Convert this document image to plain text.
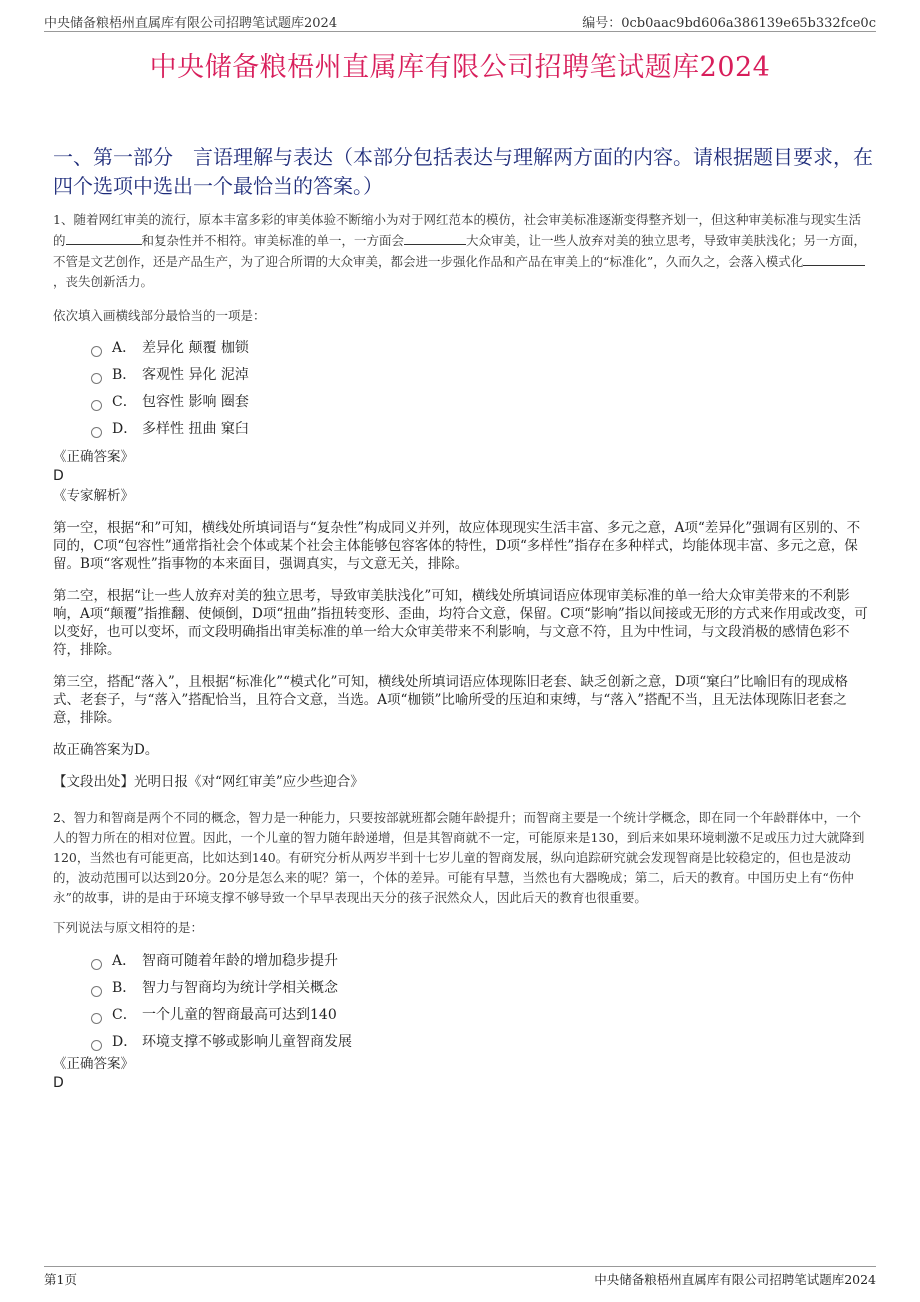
中央储备粮梧州直属库有限公司招聘笔试题库2024	编号：0cb0aac9bd606a386139e65b332fce0c
中央储备粮梧州直属库有限公司招聘笔试题库2024
一、第一部分　言语理解与表达（本部分包括表达与理解两方面的内容。请根据题目要求，在四个选项中选出一个最恰当的答案。）

1、随着网红审美的流行，原本丰富多彩的审美体验不断缩小为对于网红范本的模仿，社会审美标准逐渐变得整齐划一，但这种审美标准与现实生活的	和复杂性并不相符。审美标准的单一，一方面会	大众审美，让一些人放弃对美的独立思考，导致审美肤浅化；另一方面，不管是文艺创作，还是产品生产，为了迎合所谓的大众审美，都会进一步强化作品和产品在审美上的“标准化”，久而久之，会落入模式化，丧失创新活力。

依次填入画横线部分最恰当的一项是：

A． 差异化 颠覆 枷锁
B． 客观性 异化 泥淖
C． 包容性 影响 圈套
D． 多样性 扭曲 窠臼

《正确答案》

D

《专家解析》

第一空，根据“和”可知，横线处所填词语与“复杂性”构成同义并列，故应体现现实生活丰富、多元之意，A项“差异化”强调有区别的、不同的，C项“包容性”通常指社会个体或某个社会主体能够包容客体的特性，D项“多样性”指存在多种样式，均能体现丰富、多元之意，保留。B项“客观性”指事物的本来面目，强调真实，与文意无关，排除。

第二空，根据“让一些人放弃对美的独立思考，导致审美肤浅化”可知，横线处所填词语应体现审美标准的单一给大众审美带来的不利影响，A项“颠覆”指推翻、使倾倒，D项“扭曲”指扭转变形、歪曲，均符合文意，保留。C项“影响”指以间接或无形的方式来作用或改变，可以变好，也可以变坏，而文段明确指出审美标准的单一给大众审美带来不利影响，与文意不符，且为中性词，与文段消极的感情色彩不符，排除。

第三空，搭配“落入”，且根据“标准化”“模式化”可知，横线处所填词语应体现陈旧老套、缺乏创新之意，D项“窠臼”比喻旧有的现成格式、老套子，与“落入”搭配恰当，且符合文意，当选。A项“枷锁”比喻所受的压迫和束缚，与“落入”搭配不当，且无法体现陈旧老套之意，排除。

故正确答案为D。

【文段出处】光明日报《对“网红审美”应少些迎合》

2、智力和智商是两个不同的概念，智力是一种能力，只要按部就班都会随年龄提升；而智商主要是一个统计学概念，即在同一个年龄群体中，一个人的智力所在的相对位置。因此，一个儿童的智力随年龄递增，但是其智商就不一定，可能原来是130，到后来如果环境刺激不足或压力过大就降到120，当然也有可能更高，比如达到140。有研究分析从两岁半到十七岁儿童的智商发展，纵向追踪研究就会发现智商是比较稳定的，但也是波动的，波动范围可以达到20分。20分是怎么来的呢？第一，个体的差异。可能有早慧，当然也有大器晚成；第二，后天的教育。中国历史上有“伤仲永”的故事，讲的是由于环境支撑不够导致一个早早表现出天分的孩子泯然众人，因此后天的教育也很重要。

下列说法与原文相符的是：

A． 智商可随着年龄的增加稳步提升
B． 智力与智商均为统计学相关概念
C． 一个儿童的智商最高可达到140
D． 环境支撑不够或影响儿童智商发展

《正确答案》

D

第1页	中央储备粮梧州直属库有限公司招聘笔试题库2024
